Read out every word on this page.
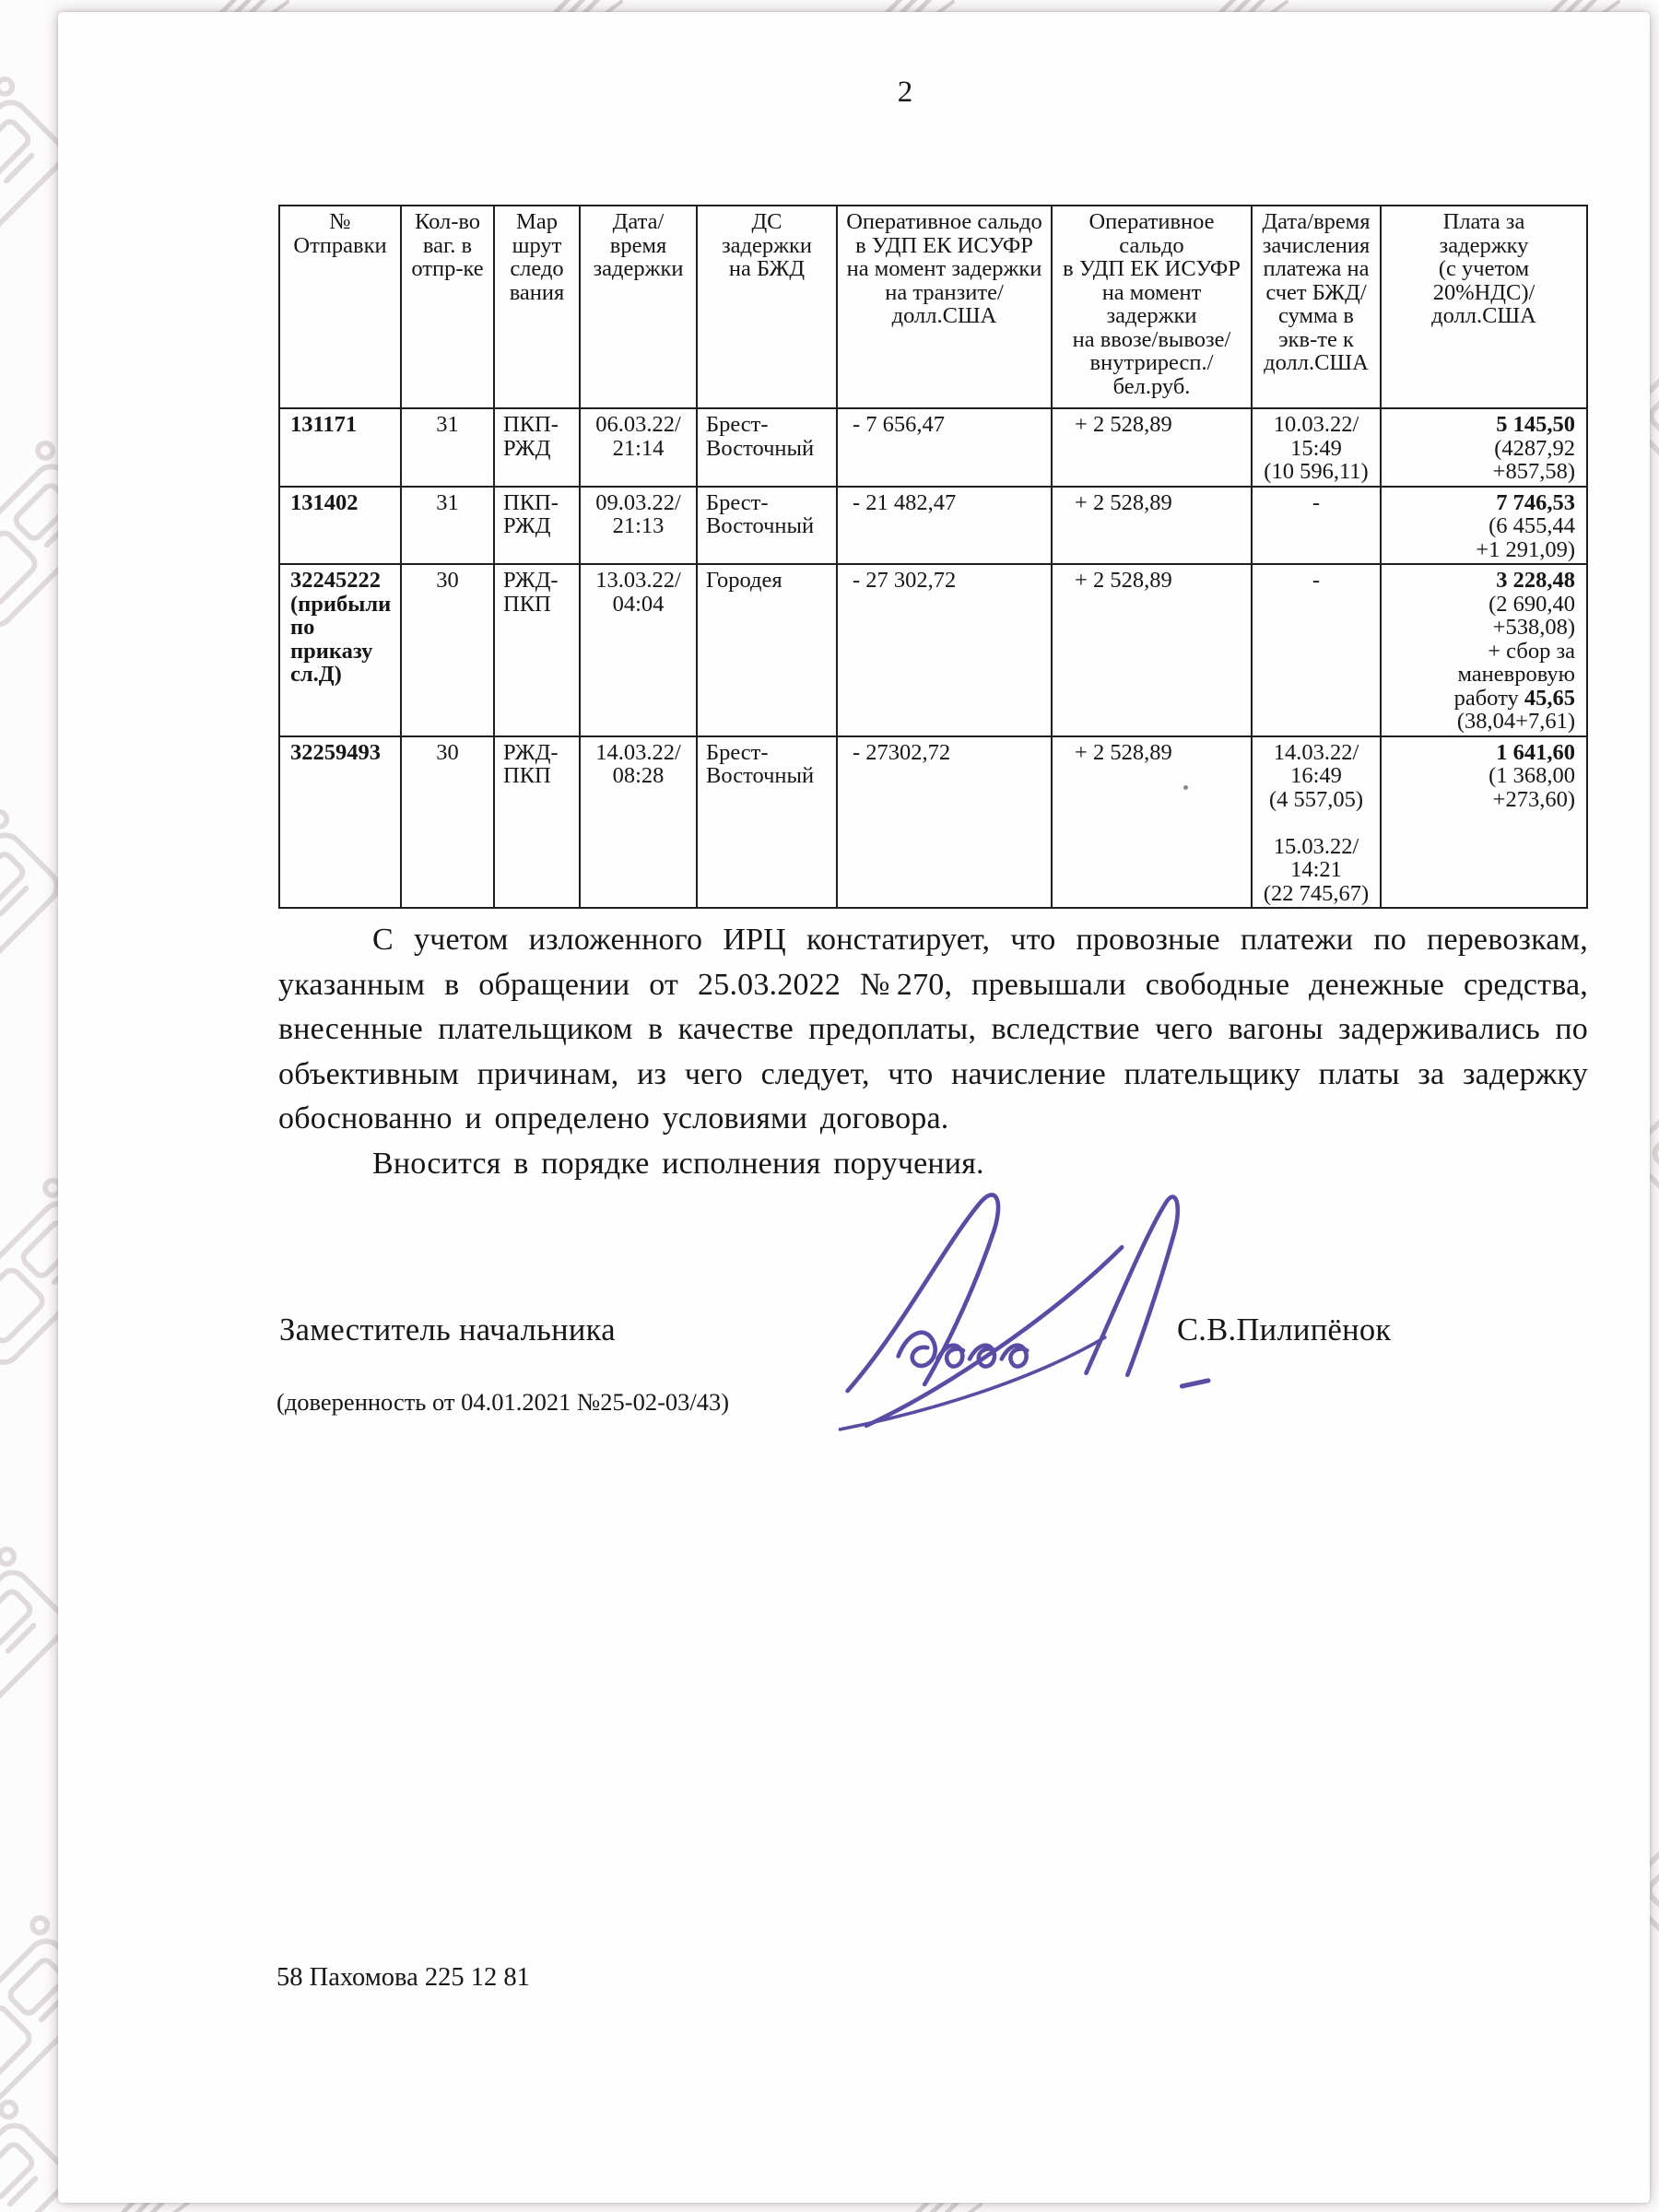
2
№
Отправки

Кол-во
ваг. в
отпр-ке

Мар
шрут
следо
вания

Дата/
время
задержки

ДС
задержки
на БЖД

Оперативное сальдо
в УДП ЕК ИСУФР
на момент задержки
на транзите/
долл.США

Оперативное
сальдо
в УДП ЕК ИСУФР
на момент
задержки
на ввозе/вывозе/
внутриресп./
бел.руб.

Дата/время
зачисления
платежа на
счет БЖД/
сумма в
экв-те к
долл.США

Плата за
задержку
(с учетом
20%НДС)/
долл.США

131171	31	ПКП-
РЖД

06.03.22/
21:14

Брест-
Восточный

- 7 656,47	+ 2 528,89	10.03.22/
15:49
(10 596,11)

5 145,50
(4287,92
+857,58)

131402	31	ПКП-
РЖД

09.03.22/
21:13

Брест-
Восточный

- 21 482,47	+ 2 528,89	-	7 746,53
(6 455,44
+1 291,09)

32245222
(прибыли
по
приказу
сл.Д)

30	РЖД-
ПКП

13.03.22/
04:04

Городея	- 27 302,72	+ 2 528,89	-	3 228,48
(2 690,40
+538,08)
+ сбор за
маневровую
работу 45,65
(38,04+7,61)

32259493	30	РЖД-
ПКП

14.03.22/
08:28

Брест-
Восточный

- 27302,72	+ 2 528,89	14.03.22/
16:49
(4 557,05)

15.03.22/
14:21
(22 745,67)

1 641,60
(1 368,00
+273,60)

С учетом изложенного ИРЦ констатирует, что провозные платежи по перевозкам, указанным в обращении от 25.03.2022 №270, превышали свободные денежные средства, внесенные плательщиком в качестве предоплаты, вследствие чего вагоны задерживались по объективным причинам, из чего следует, что начисление плательщику платы за задержку обоснованно и определено условиями договора.

Вносится в порядке исполнения поручения.

Заместитель начальника	С.В.Пилипёнок
(доверенность от 04.01.2021 №25-02-03/43)
58 Пахомова 225 12 81
